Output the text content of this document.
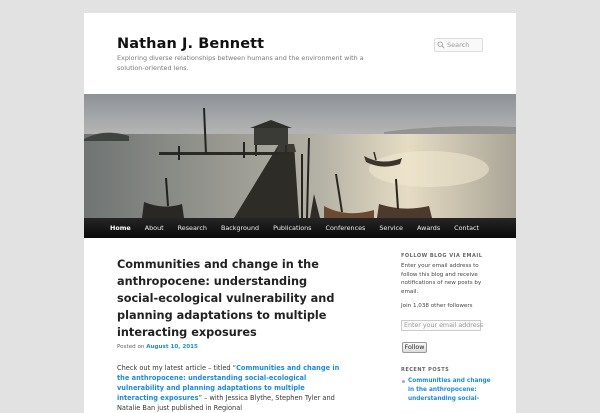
Nathan J. Bennett
Exploring diverse relationships between humans and the environment with a solution-oriented lens.
Search
Home About Research Background Publications Conferences Service Awards Contact
Communities and change in the anthropocene: understanding social-ecological vulnerability and planning adaptations to multiple interacting exposures
Posted on August 10, 2015
Check out my latest article – titled “Communities and change in the anthropocene: understanding social-ecological vulnerability and planning adaptations to multiple interacting exposures” – with Jessica Blythe, Stephen Tyler and Natalie Ban just published in Regional
FOLLOW BLOG VIA EMAIL
Enter your email address to follow this blog and receive notifications of new posts by email.
Join 1,038 other followers
Enter your email address
Follow
RECENT POSTS
Communities and change in the anthropocene: understanding social-
